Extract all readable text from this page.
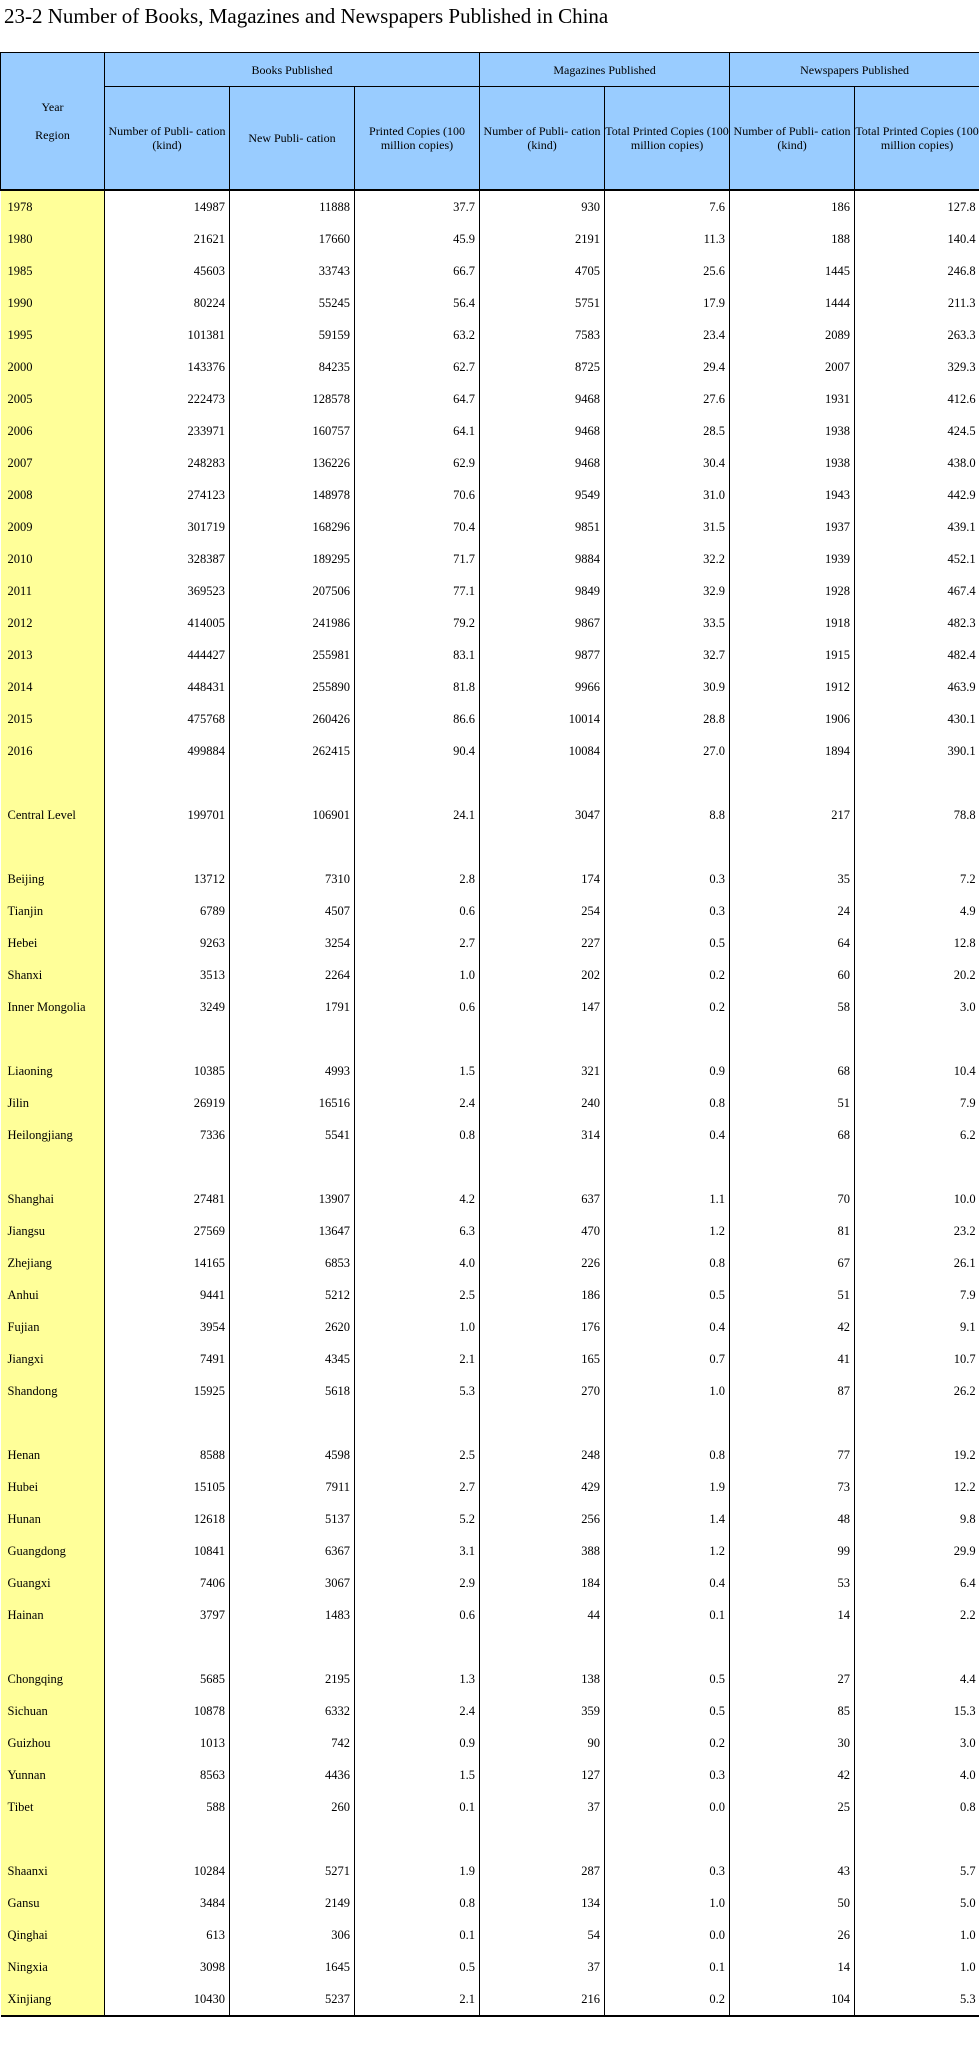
23-2 Number of Books, Magazines and Newspapers Published in China
Year

Region	Books Published			Magazines Published		Newspapers Published	
	Number of Publi- cation (kind)	New Publi- cation	Printed Copies (100 million copies)	Number of Publi- cation (kind)	Total Printed Copies (100 million copies)	Number of Publi- cation (kind)	Total Printed Copies (100 million copies)
1978	14987	11888	37.7	930	7.6	186	127.8
1980	21621	17660	45.9	2191	11.3	188	140.4
1985	45603	33743	66.7	4705	25.6	1445	246.8
1990	80224	55245	56.4	5751	17.9	1444	211.3
1995	101381	59159	63.2	7583	23.4	2089	263.3
2000	143376	84235	62.7	8725	29.4	2007	329.3
2005	222473	128578	64.7	9468	27.6	1931	412.6
2006	233971	160757	64.1	9468	28.5	1938	424.5
2007	248283	136226	62.9	9468	30.4	1938	438.0
2008	274123	148978	70.6	9549	31.0	1943	442.9
2009	301719	168296	70.4	9851	31.5	1937	439.1
2010	328387	189295	71.7	9884	32.2	1939	452.1
2011	369523	207506	77.1	9849	32.9	1928	467.4
2012	414005	241986	79.2	9867	33.5	1918	482.3
2013	444427	255981	83.1	9877	32.7	1915	482.4
2014	448431	255890	81.8	9966	30.9	1912	463.9
2015	475768	260426	86.6	10014	28.8	1906	430.1
2016	499884	262415	90.4	10084	27.0	1894	390.1

Central Level	199701	106901	24.1	3047	8.8	217	78.8

Beijing	13712	7310	2.8	174	0.3	35	7.2
Tianjin	6789	4507	0.6	254	0.3	24	4.9
Hebei	9263	3254	2.7	227	0.5	64	12.8
Shanxi	3513	2264	1.0	202	0.2	60	20.2
Inner Mongolia	3249	1791	0.6	147	0.2	58	3.0

Liaoning	10385	4993	1.5	321	0.9	68	10.4
Jilin	26919	16516	2.4	240	0.8	51	7.9
Heilongjiang	7336	5541	0.8	314	0.4	68	6.2

Shanghai	27481	13907	4.2	637	1.1	70	10.0
Jiangsu	27569	13647	6.3	470	1.2	81	23.2
Zhejiang	14165	6853	4.0	226	0.8	67	26.1
Anhui	9441	5212	2.5	186	0.5	51	7.9
Fujian	3954	2620	1.0	176	0.4	42	9.1
Jiangxi	7491	4345	2.1	165	0.7	41	10.7
Shandong	15925	5618	5.3	270	1.0	87	26.2

Henan	8588	4598	2.5	248	0.8	77	19.2
Hubei	15105	7911	2.7	429	1.9	73	12.2
Hunan	12618	5137	5.2	256	1.4	48	9.8
Guangdong	10841	6367	3.1	388	1.2	99	29.9
Guangxi	7406	3067	2.9	184	0.4	53	6.4
Hainan	3797	1483	0.6	44	0.1	14	2.2

Chongqing	5685	2195	1.3	138	0.5	27	4.4
Sichuan	10878	6332	2.4	359	0.5	85	15.3
Guizhou	1013	742	0.9	90	0.2	30	3.0
Yunnan	8563	4436	1.5	127	0.3	42	4.0
Tibet	588	260	0.1	37	0.0	25	0.8

Shaanxi	10284	5271	1.9	287	0.3	43	5.7
Gansu	3484	2149	0.8	134	1.0	50	5.0
Qinghai	613	306	0.1	54	0.0	26	1.0
Ningxia	3098	1645	0.5	37	0.1	14	1.0
Xinjiang	10430	5237	2.1	216	0.2	104	5.3
